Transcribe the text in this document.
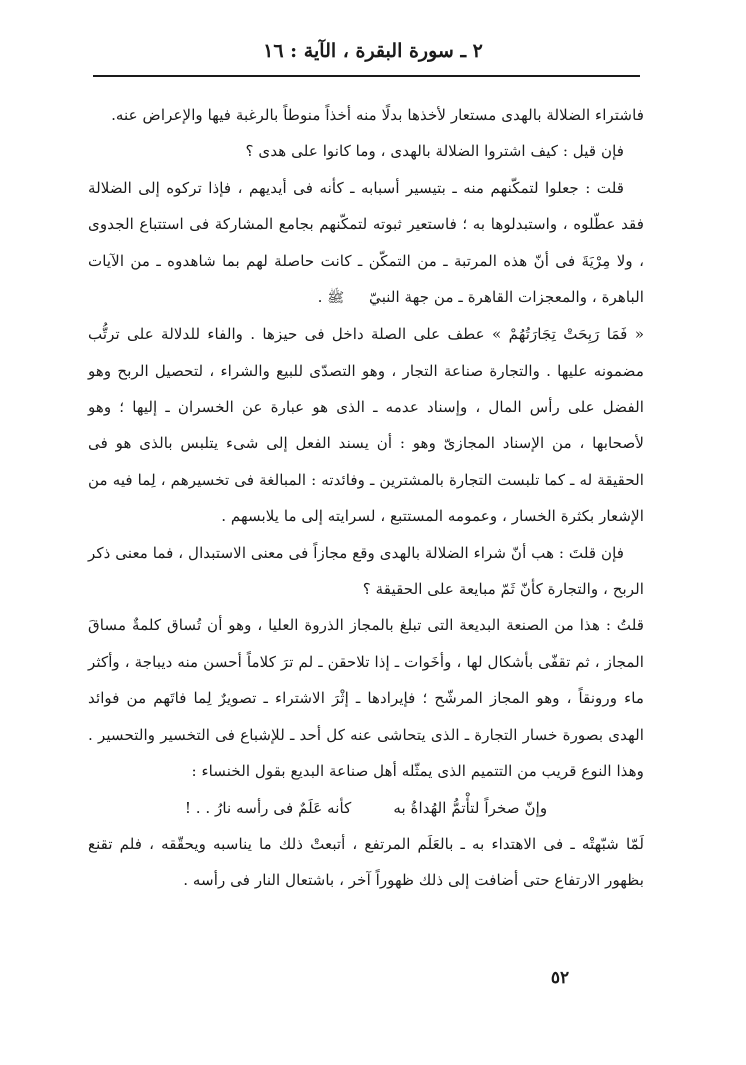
٢ ـ سورة البقرة ، الآية : ١٦

فاشتراء الضلالة بالهدى مستعار لأخذها بدلًا منه أخذاً منوطاً بالرغبة فيها والإعراض عنه.

فإن قيل : كيف اشتروا الضلالة بالهدى ، وما كانوا على هدى ؟

قلت : جعلوا لتمكّنهم منه ـ بتيسير أسبابه ـ كأنه فى أيديهم ، فإذا تركوه إلى الضلالة فقد عطّلوه ، واستبدلوها به ؛ فاستعير ثبوته لتمكّنهم بجامع المشاركة فى استتباع الجدوى ، ولا مِرْيَةَ فى أنّ هذه المرتبة ـ من التمكّن ـ كانت حاصلة لهم بما شاهدوه ـ من الآيات الباهرة ، والمعجزات القاهرة ـ من جهة النبيّ ﷺ .

« فَمَا رَبِحَتْ تِجَارَتُهُمْ » عطف على الصلة داخل فى حيزها . والفاء للدلالة على ترتُّب مضمونه عليها . والتجارة صناعة التجار ، وهو التصدّى للبيع والشراء ، لتحصيل الربح وهو الفضل على رأس المال ، وإسناد عدمه ـ الذى هو عبارة عن الخسران ـ إليها ؛ وهو لأصحابها ، من الإسناد المجازىّ وهو : أن يسند الفعل إلى شىء يتلبس بالذى هو فى الحقيقة له ـ كما تلبست التجارة بالمشترين ـ وفائدته : المبالغة فى تخسيرهم ، لِما فيه من الإشعار بكثرة الخسار ، وعمومه المستتبع ، لسرايته إلى ما يلابسهم .

فإن قلتَ : هب أنّ شراء الضلالة بالهدى وقع مجازاً فى معنى الاستبدال ، فما معنى ذكر الربح ، والتجارة كأنّ ثَمّ مبايعة على الحقيقة ؟

قلتُ : هذا من الصنعة البديعة التى تبلغ بالمجاز الذروة العليا ، وهو أن تُساق كلمةٌ مساقَ المجاز ، ثم تقفّى بأشكال لها ، وأخَوات ـ إذا تلاحقن ـ لم ترَ كلاماً أحسن منه ديباجة ، وأكثر ماء ورونقاً ، وهو المجاز المرشّح ؛ فإيرادها ـ إثْرَ الاشتراء ـ تصويرٌ لِما فاتَهم من فوائد الهدى بصورة خسار التجارة ـ الذى يتحاشى عنه كل أحد ـ للإشباع فى التخسير والتحسير . وهذا النوع قريب من التتميم الذى يمثّله أهل صناعة البديع بقول الخنساء :

وإنّ صخراً لتأْتمُّ الهُداةُ به
كأنه عَلَمٌ فى رأسه نارُ . . !

لَمّا شبّهتْه ـ فى الاهتداء به ـ بالعَلَم المرتفع ، أتبعتْ ذلك ما يناسبه ويحقّقه ، فلم تقنع بظهور الارتفاع حتى أضافت إلى ذلك ظهوراً آخر ، باشتعال النار فى رأسه .

٥٢
